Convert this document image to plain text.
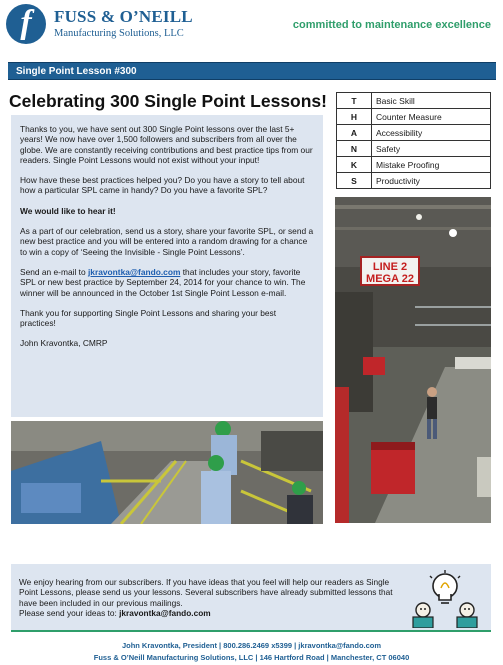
f	FUSS & O’NEILL
Manufacturing Solutions, LLC
committed to maintenance excellence
Single Point Lesson #300
Celebrating 300 Single Point Lessons!

Thanks to you, we have sent out 300 Single Point lessons over the last 5+ years! We now have over 1,500 followers and subscribers from all over the globe. We are constantly receiving contributions and best practice tips from our readers. Single Point Lessons would not exist without your input!

How have these best practices helped you? Do you have a story to tell about how a particular SPL came in handy? Do you have a favorite SPL?

We would like to hear it!

As a part of our celebration, send us a story, share your favorite SPL, or send a new best practice and you will be entered into a random drawing for a chance to win a copy of ‘Seeing the Invisible - Single Point Lessons’.

Send an e-mail to jkravontka@fando.com that includes your story, favorite SPL or new best practice by September 24, 2014 for your chance to win. The winner will be announced in the October 1st Single Point Lesson e-mail.

Thank you for supporting Single Point Lessons and sharing your best practices!

John Kravontka, CMRP

T	Basic Skill
H	Counter Measure
A	Accessibility
N	Safety
K	Mistake Proofing
S	Productivity
LINE 2
MEGA 22
We enjoy hearing from our subscribers. If you have ideas that you feel will help our readers as Single Point Lessons, please send us your lessons. Several subscribers have already submitted lessons that have been included in our previous mailings.
Please send your ideas to: jkravontka@fando.com
John Kravontka, President | 800.286.2469 x5399 | jkravontka@fando.com
Fuss & O’Neill Manufacturing Solutions, LLC | 146 Hartford Road | Manchester, CT 06040
